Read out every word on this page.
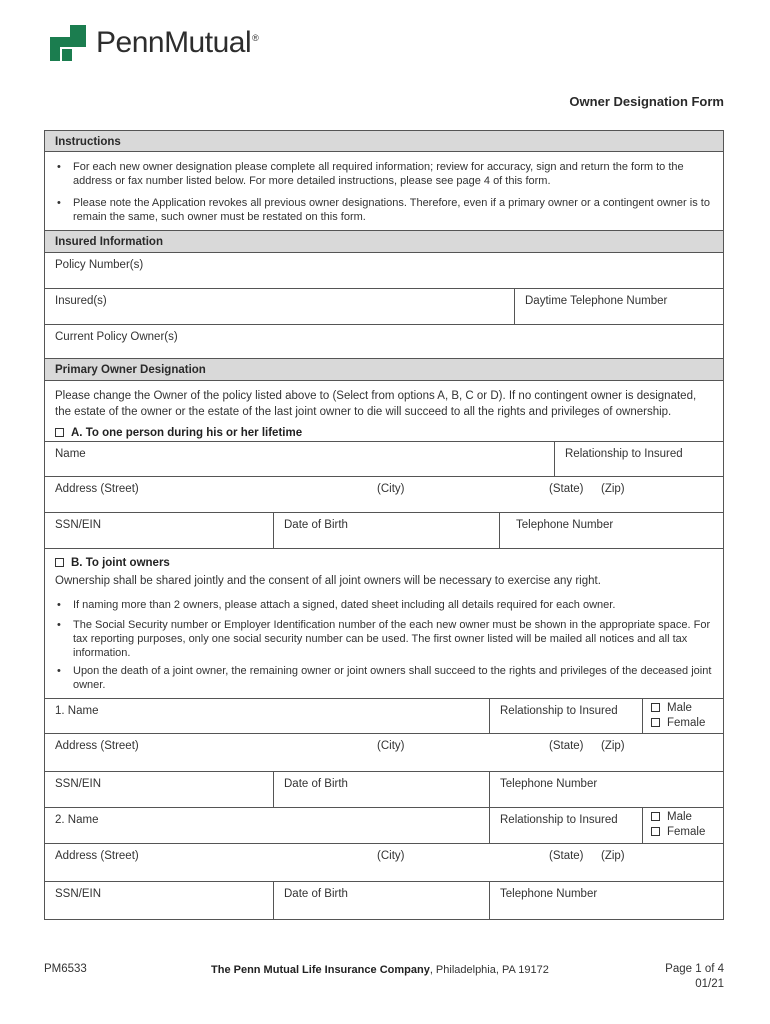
PennMutual®
Owner Designation Form
Instructions
•	For each new owner designation please complete all required information; review for accuracy, sign and return the form to the address or fax number listed below. For more detailed instructions, please see page 4 of this form.
•	Please note the Application revokes all previous owner designations. Therefore, even if a primary owner or a contingent owner is to remain the same, such owner must be restated on this form.
Insured Information
Policy Number(s)
Insured(s)	Daytime Telephone Number
Current Policy Owner(s)
Primary Owner Designation
Please change the Owner of the policy listed above to (Select from options A, B, C or D). If no contingent owner is designated, the estate of the owner or the estate of the last joint owner to die will succeed to all the rights and privileges of ownership.
A. To one person during his or her lifetime
Name	Relationship to Insured
Address (Street)	(City)	(State)	(Zip)
SSN/EIN	Date of Birth	Telephone Number
B. To joint owners
Ownership shall be shared jointly and the consent of all joint owners will be necessary to exercise any right.
•	If naming more than 2 owners, please attach a signed, dated sheet including all details required for each owner.
•	The Social Security number or Employer Identification number of the each new owner must be shown in the appropriate space. For tax reporting purposes, only one social security number can be used. The first owner listed will be mailed all notices and all tax information.
•	Upon the death of a joint owner, the remaining owner or joint owners shall succeed to the rights and privileges of the deceased joint owner.
1. Name	Relationship to Insured	Male
Female
Address (Street)	(City)	(State)	(Zip)
SSN/EIN	Date of Birth	Telephone Number
2. Name	Relationship to Insured	Male
Female
Address (Street)	(City)	(State)	(Zip)
SSN/EIN	Date of Birth	Telephone Number
PM6533	The Penn Mutual Life Insurance Company, Philadelphia, PA 19172	Page 1 of 4
01/21
